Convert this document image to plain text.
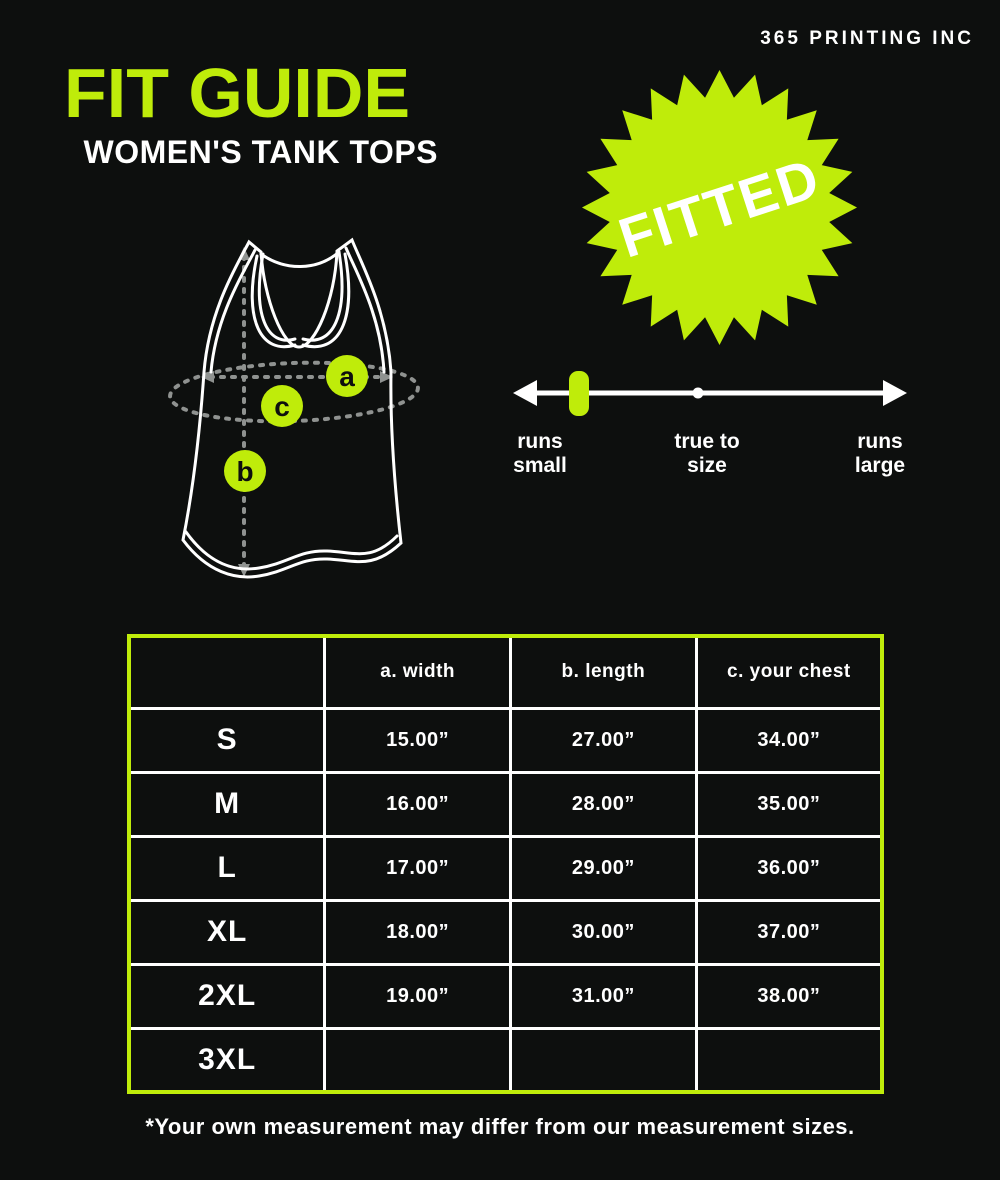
365 PRINTING INC
FIT GUIDE
WOMEN'S TANK TOPS	FITTED
a
c
b
runs
small
true to
size
runs
large
	a. width	b. length	c. your chest
S	15.00”	27.00”	34.00”
M	16.00”	28.00”	35.00”
L	17.00”	29.00”	36.00”
XL	18.00”	30.00”	37.00”
2XL	19.00”	31.00”	38.00”
3XL			
*Your own measurement may differ from our measurement sizes.
